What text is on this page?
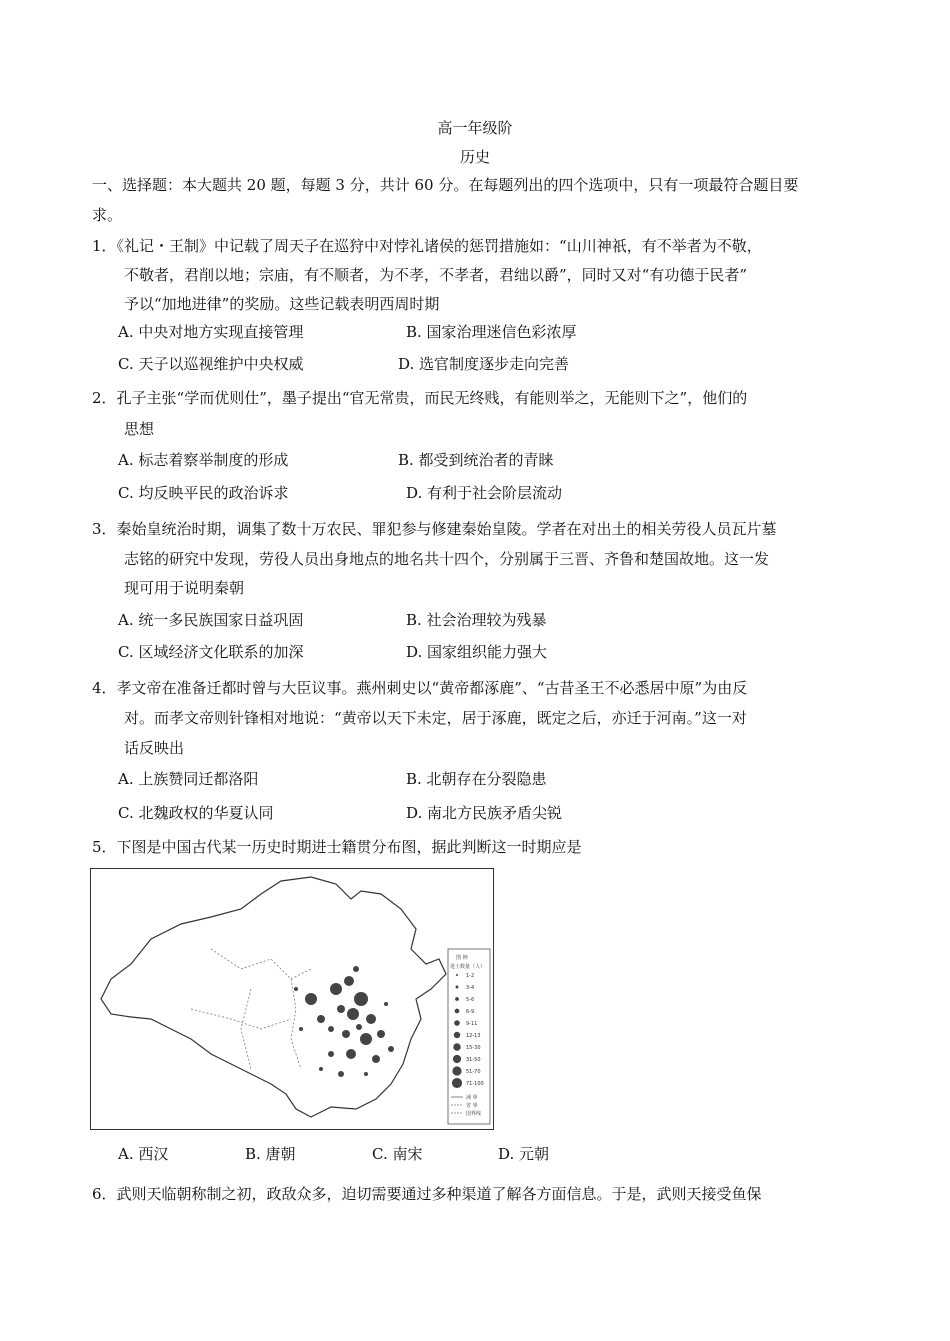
高一年级阶
历史
一、选择题：本大题共 20 题，每题 3 分，共计 60 分。在每题列出的四个选项中，只有一项最符合题目要
求。
1．《礼记・王制》中记载了周天子在巡狩中对悖礼诸侯的惩罚措施如：“山川神祇，有不举者为不敬，
不敬者，君削以地；宗庙，有不顺者，为不孝，不孝者，君绌以爵”，同时又对“有功德于民者”
予以“加地进律”的奖励。这些记载表明西周时期
A. 中央对地方实现直接管理	B. 国家治理迷信色彩浓厚
C. 天子以巡视维护中央权威	D. 选官制度逐步走向完善
2．孔子主张“学而优则仕”，墨子提出“官无常贵，而民无终贱，有能则举之，无能则下之”，他们的
思想
A. 标志着察举制度的形成	B. 都受到统治者的青睐
C. 均反映平民的政治诉求	D. 有利于社会阶层流动
3．秦始皇统治时期，调集了数十万农民、罪犯参与修建秦始皇陵。学者在对出土的相关劳役人员瓦片墓
志铭的研究中发现，劳役人员出身地点的地名共十四个，分别属于三晋、齐鲁和楚国故地。这一发
现可用于说明秦朝
A. 统一多民族国家日益巩固	B. 社会治理较为残暴
C. 区域经济文化联系的加深	D. 国家组织能力强大
4．孝文帝在准备迁都时曾与大臣议事。燕州刺史以“黄帝都涿鹿”、“古昔圣王不必悉居中原”为由反
对。而孝文帝则针锋相对地说：“黄帝以天下未定，居于涿鹿，既定之后，亦迁于河南。”这一对
话反映出
A. 上族赞同迁都洛阳	B. 北朝存在分裂隐患
C. 北魏政权的华夏认同	D. 南北方民族矛盾尖锐
5．下图是中国古代某一历史时期进士籍贯分布图，据此判断这一时期应是
图 例
进士数量（人）
1-2
3-4
5-6
6-9
9-11
12-13
15-30
31-50
51-70
71-100
洲 界
省 界
国界线
A. 西汉	B. 唐朝	C. 南宋	D. 元朝
6．武则天临朝称制之初，政敌众多，迫切需要通过多种渠道了解各方面信息。于是，武则天接受鱼保
